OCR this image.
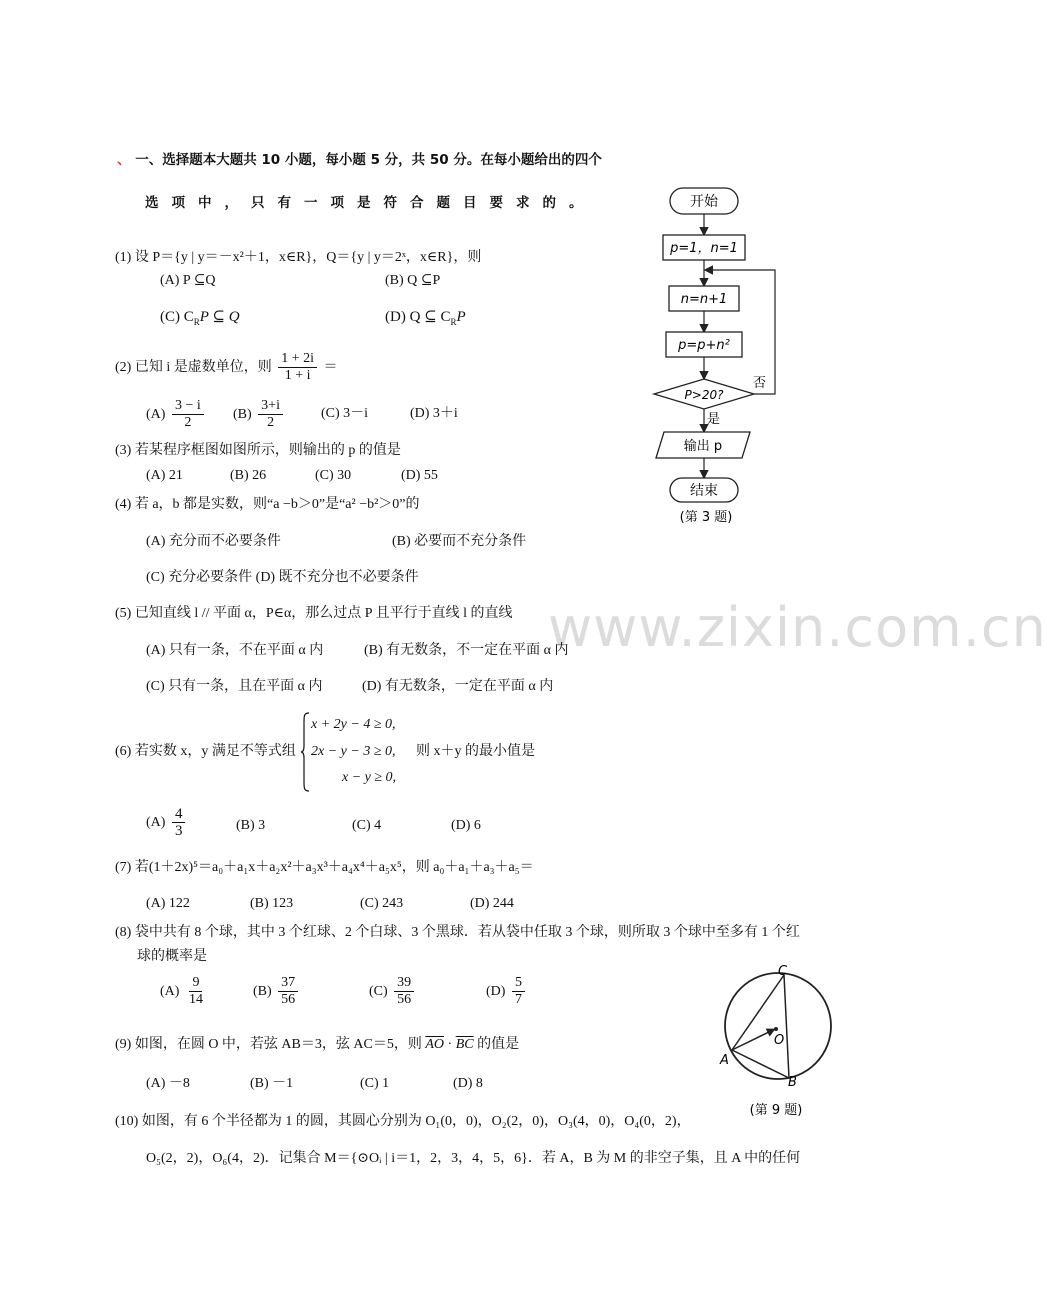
www.zixin.com.cn
、 一、选择题本大题共 10 小题，每小题 5 分，共 50 分。在每小题给出的四个
选项中，只有一项是符合题目要求的。
(1) 设 P＝{y | y＝－x²＋1，x∈R}，Q＝{y | y＝2ˣ，x∈R}，则
(A) P ⊆Q	(B) Q ⊆P
(C) $C_RP$ ⊆ Q	(D) Q ⊆ $C_RP$
(2) 已知 i 是虚数单位，则 $\frac{1 + 2i}{1 + i}$ ＝
$(A) \frac{3 - i}{2} (B) \frac{3+i}{2}$	(C) 3－i	(D) 3＋i
(3) 若某程序框图如图所示，则输出的 p 的值是
(A) 21	(B) 26	(C) 30	(D) 55
(4) 若 a，b 都是实数，则“a −b＞0”是“a² −b²＞0”的
(A) 充分而不必要条件	(B) 必要而不充分条件
(C) 充分必要条件 (D) 既不充分也不必要条件
(5) 已知直线 l // 平面 α，P∈α，那么过点 P 且平行于直线 l 的直线
(A) 只有一条，不在平面 α 内	(B) 有无数条，不一定在平面 α 内
(C) 只有一条，且在平面 α 内	(D) 有无数条，一定在平面 α 内
(6) 若实数 x，y 满足不等式组
x + 2y − 4 ≥ 0,
2x − y − 3 ≥ 0,
x − y ≥ 0,
则 x＋y 的最小值是
$(A) \frac{4}{3}$	(B) 3	(C) 4	(D) 6
(7) 若(1＋2x)⁵＝a₀＋a₁x＋a₂x²＋a₃x³＋a₄x⁴＋a₅x⁵，则 a₀＋a₁＋a₃＋a₅＝
(A) 122	(B) 123	(C) 243	(D) 244
(8) 袋中共有 8 个球，其中 3 个红球、2 个白球、3 个黑球．若从袋中任取 3 个球，则所取 3 个球中至多有 1 个红
球的概率是
$(A) \frac{9}{14}$	$(B) \frac{37}{56}$	$(C) \frac{39}{56}$	$(D) \frac{5}{7}$
(9) 如图，在圆 O 中，若弦 AB＝3，弦 AC＝5，则 $\overline{AO} \cdot \overline{BC}$ 的值是
(A) －8	(B) －1	(C) 1	(D) 8
(10) 如图，有 6 个半径都为 1 的圆，其圆心分别为 O₁(0，0)，O₂(2，0)，O₃(4，0)，O₄(0，2)，
O₅(2，2)，O₆(4，2)．记集合 M＝{⊙Oᵢ | i＝1，2，3，4，5，6}．若 A，B 为 M 的非空子集，且 A 中的任何
开始
p=1，n=1
n=n+1
p=p+n²
P>20?
否
是
输出 p
结束
(第 3 题)
C
O
A
B
(第 9 题)
